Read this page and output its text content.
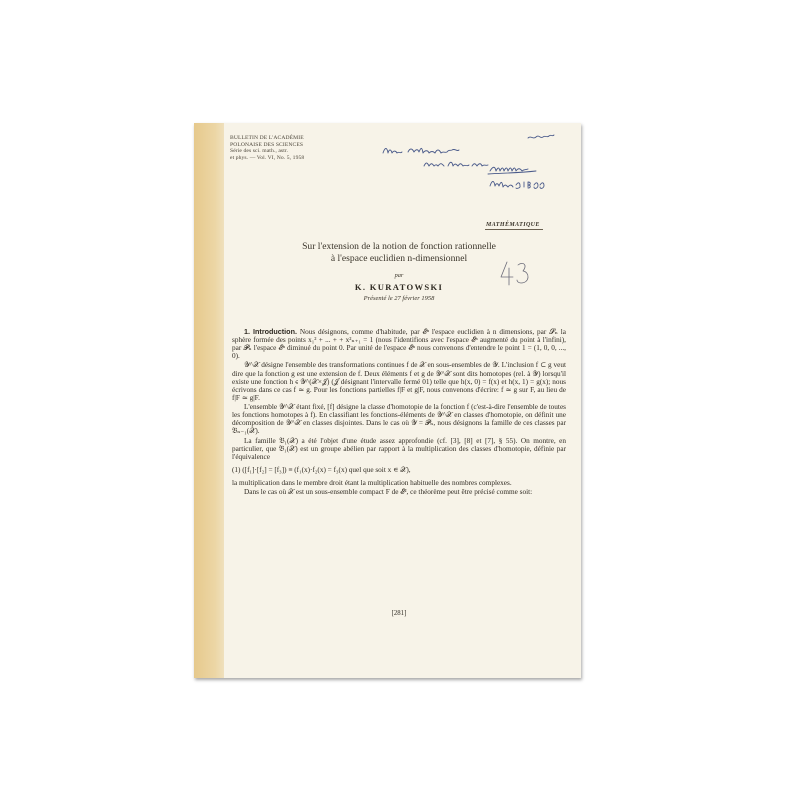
BULLETIN DE L'ACADÉMIE
POLONAISE DES SCIENCES
Série des sci. math., astr.
et phys. — Vol. VI, No. 5, 1958
MATHÉMATIQUE
Sur l'extension de la notion de fonction rationnelle
à l'espace euclidien n-dimensionnel
par
K. KURATOWSKI
Présenté le 27 février 1958

1. Introduction. Nous désignons, comme d'habitude, par 𝓔ⁿ l'espace euclidien à n dimensions, par 𝓢ₙ la sphère formée des points x₁² + ... + + x²ₙ₊₁ = 1 (nous l'identifions avec l'espace 𝓔ⁿ augmenté du point à l'infini), par 𝓟ₙ l'espace 𝓔ⁿ diminué du point 0. Par unité de l'espace 𝓔ⁿ nous convenons d'entendre le point 1 = (1, 0, 0, ..., 0).

𝒴^𝒳 désigne l'ensemble des transformations continues f de 𝒳 en sous-ensembles de 𝒴. L'inclusion f ⊂ g veut dire que la fonction g est une extension de f. Deux éléments f et g de 𝒴^𝒳 sont dits homotopes (rel. à 𝒴) lorsqu'il existe une fonction h ∊ 𝒴^(𝒳×𝒥) (𝒥 désignant l'intervalle fermé 01) telle que h(x, 0) = f(x) et h(x, 1) = g(x); nous écrivons dans ce cas f ≃ g. Pour les fonctions partielles f|F et g|F, nous convenons d'écrire: f ≃ g sur F, au lieu de f|F ≃ g|F.

L'ensemble 𝒴^𝒳 étant fixé, [f] désigne la classe d'homotopie de la fonction f (c'est-à-dire l'ensemble de toutes les fonctions homotopes à f). En classifiant les fonctions-éléments de 𝒴^𝒳 en classes d'homotopie, on définit une décomposition de 𝒴^𝒳 en classes disjointes. Dans le cas où 𝒴 = 𝓟ₙ, nous désignons la famille de ces classes par 𝔅ₙ₋₁(𝒳).

La famille 𝔅₁(𝒳) a été l'objet d'une étude assez approfondie (cf. [3], [8] et [7], § 55). On montre, en particulier, que 𝔅₁(𝒳) est un groupe abélien par rapport à la multiplication des classes d'homotopie, définie par l'équivalence

(1) ([f₁]·[f₂] = [f₃]) ≡ (f₁(x)·f₂(x) = f₃(x) quel que soit x ∊ 𝒳),

la multiplication dans le membre droit étant la multiplication habituelle des nombres complexes.

Dans le cas où 𝒳 est un sous-ensemble compact F de 𝓔², ce théorème peut être précisé comme soit:

[281]
